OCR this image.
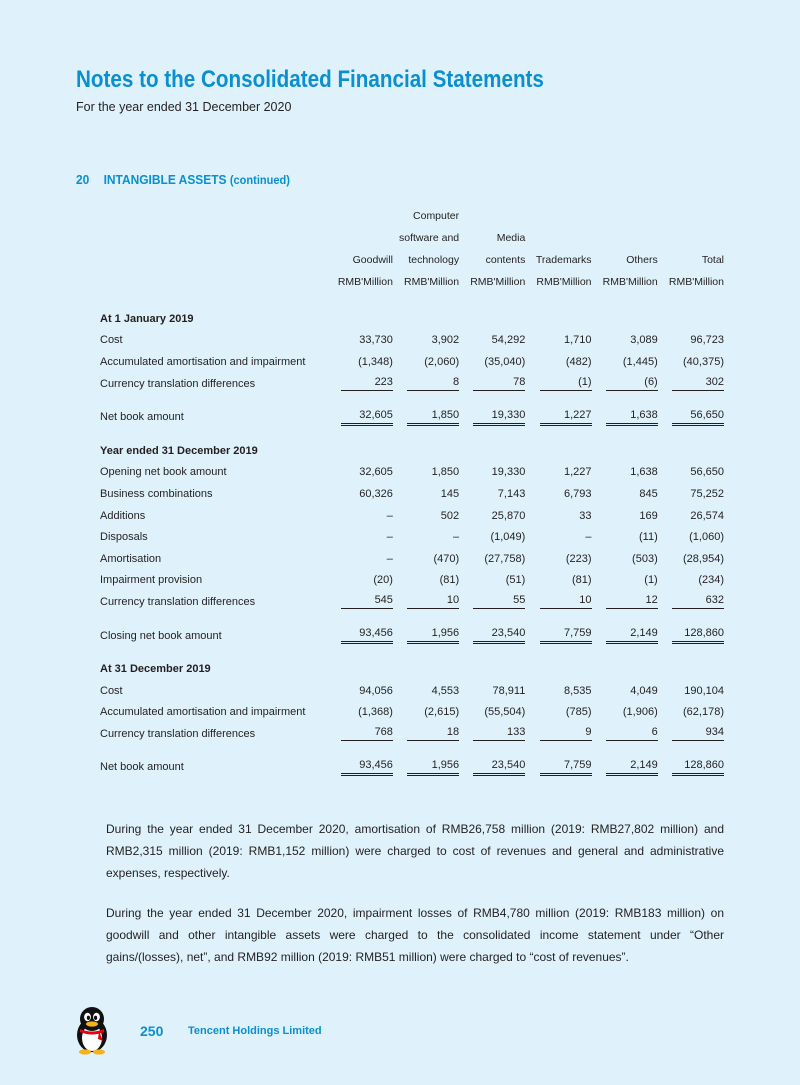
Notes to the Consolidated Financial Statements

For the year ended 31 December 2020

20 INTANGIBLE ASSETS (continued)
		Computer				
		software and	Media			
	Goodwill	technology	contents	Trademarks	Others	Total
	RMB'Million	RMB'Million	RMB'Million	RMB'Million	RMB'Million	RMB'Million

At 1 January 2019						
Cost	33,730	3,902	54,292	1,710	3,089	96,723
Accumulated amortisation and impairment	(1,348)	(2,060)	(35,040)	(482)	(1,445)	(40,375)
Currency translation differences	223	8	78	(1)	(6)	302

Net book amount	32,605	1,850	19,330	1,227	1,638	56,650

Year ended 31 December 2019						
Opening net book amount	32,605	1,850	19,330	1,227	1,638	56,650
Business combinations	60,326	145	7,143	6,793	845	75,252
Additions	–	502	25,870	33	169	26,574
Disposals	–	–	(1,049)	–	(11)	(1,060)
Amortisation	–	(470)	(27,758)	(223)	(503)	(28,954)
Impairment provision	(20)	(81)	(51)	(81)	(1)	(234)
Currency translation differences	545	10	55	10	12	632

Closing net book amount	93,456	1,956	23,540	7,759	2,149	128,860

At 31 December 2019						
Cost	94,056	4,553	78,911	8,535	4,049	190,104
Accumulated amortisation and impairment	(1,368)	(2,615)	(55,504)	(785)	(1,906)	(62,178)
Currency translation differences	768	18	133	9	6	934

Net book amount	93,456	1,956	23,540	7,759	2,149	128,860

During the year ended 31 December 2020, amortisation of RMB26,758 million (2019: RMB27,802 million) and RMB2,315 million (2019: RMB1,152 million) were charged to cost of revenues and general and administrative expenses, respectively.

During the year ended 31 December 2020, impairment losses of RMB4,780 million (2019: RMB183 million) on goodwill and other intangible assets were charged to the consolidated income statement under “Other gains/(losses), net”, and RMB92 million (2019: RMB51 million) were charged to “cost of revenues”.

250 Tencent Holdings Limited
